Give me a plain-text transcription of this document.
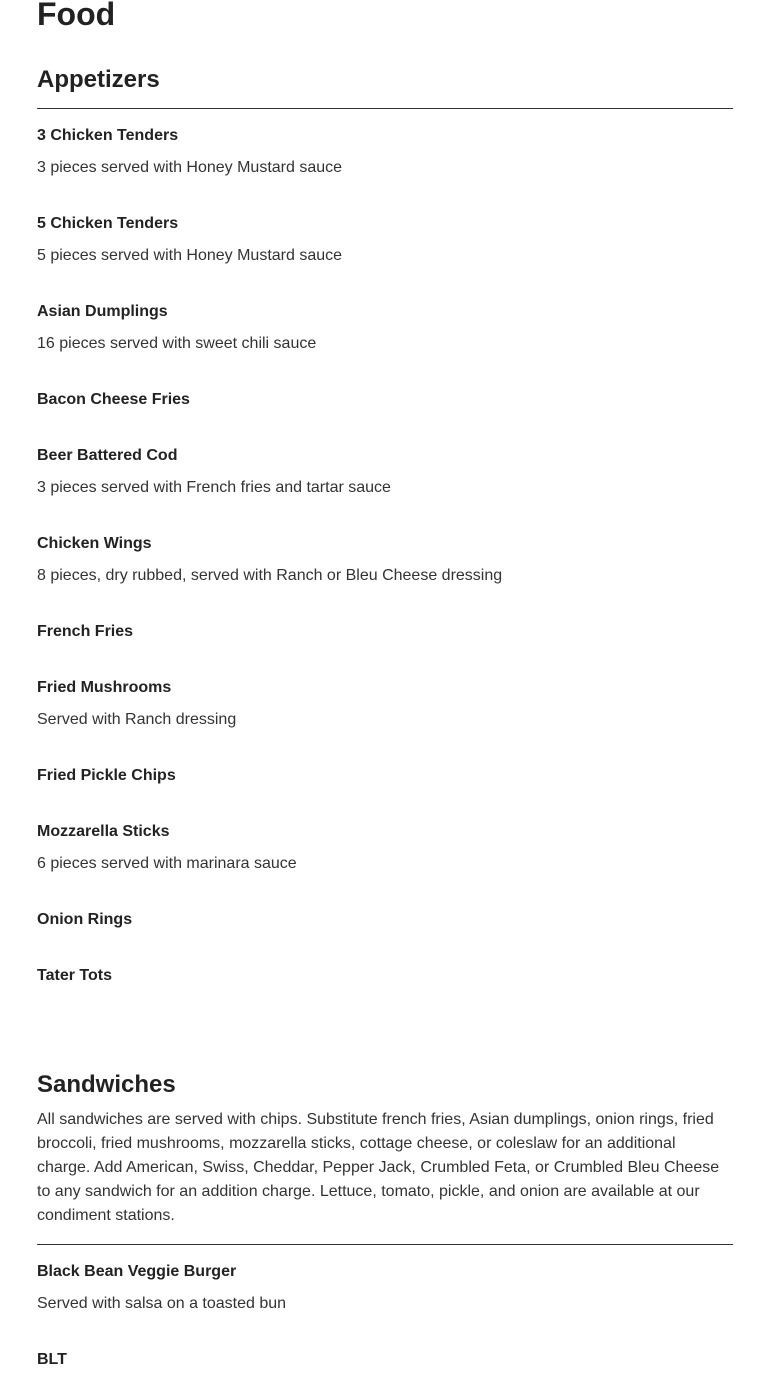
Food
Appetizers
3 Chicken Tenders
3 pieces served with Honey Mustard sauce
5 Chicken Tenders
5 pieces served with Honey Mustard sauce
Asian Dumplings
16 pieces served with sweet chili sauce
Bacon Cheese Fries
Beer Battered Cod
3 pieces served with French fries and tartar sauce
Chicken Wings
8 pieces, dry rubbed, served with Ranch or Bleu Cheese dressing
French Fries
Fried Mushrooms
Served with Ranch dressing
Fried Pickle Chips
Mozzarella Sticks
6 pieces served with marinara sauce
Onion Rings
Tater Tots
Sandwiches

All sandwiches are served with chips. Substitute french fries, Asian dumplings, onion rings, fried broccoli, fried mushrooms, mozzarella sticks, cottage cheese, or coleslaw for an additional charge. Add American, Swiss, Cheddar, Pepper Jack, Crumbled Feta, or Crumbled Bleu Cheese to any sandwich for an addition charge. Lettuce, tomato, pickle, and onion are available at our condiment stations.

Black Bean Veggie Burger
Served with salsa on a toasted bun
BLT
